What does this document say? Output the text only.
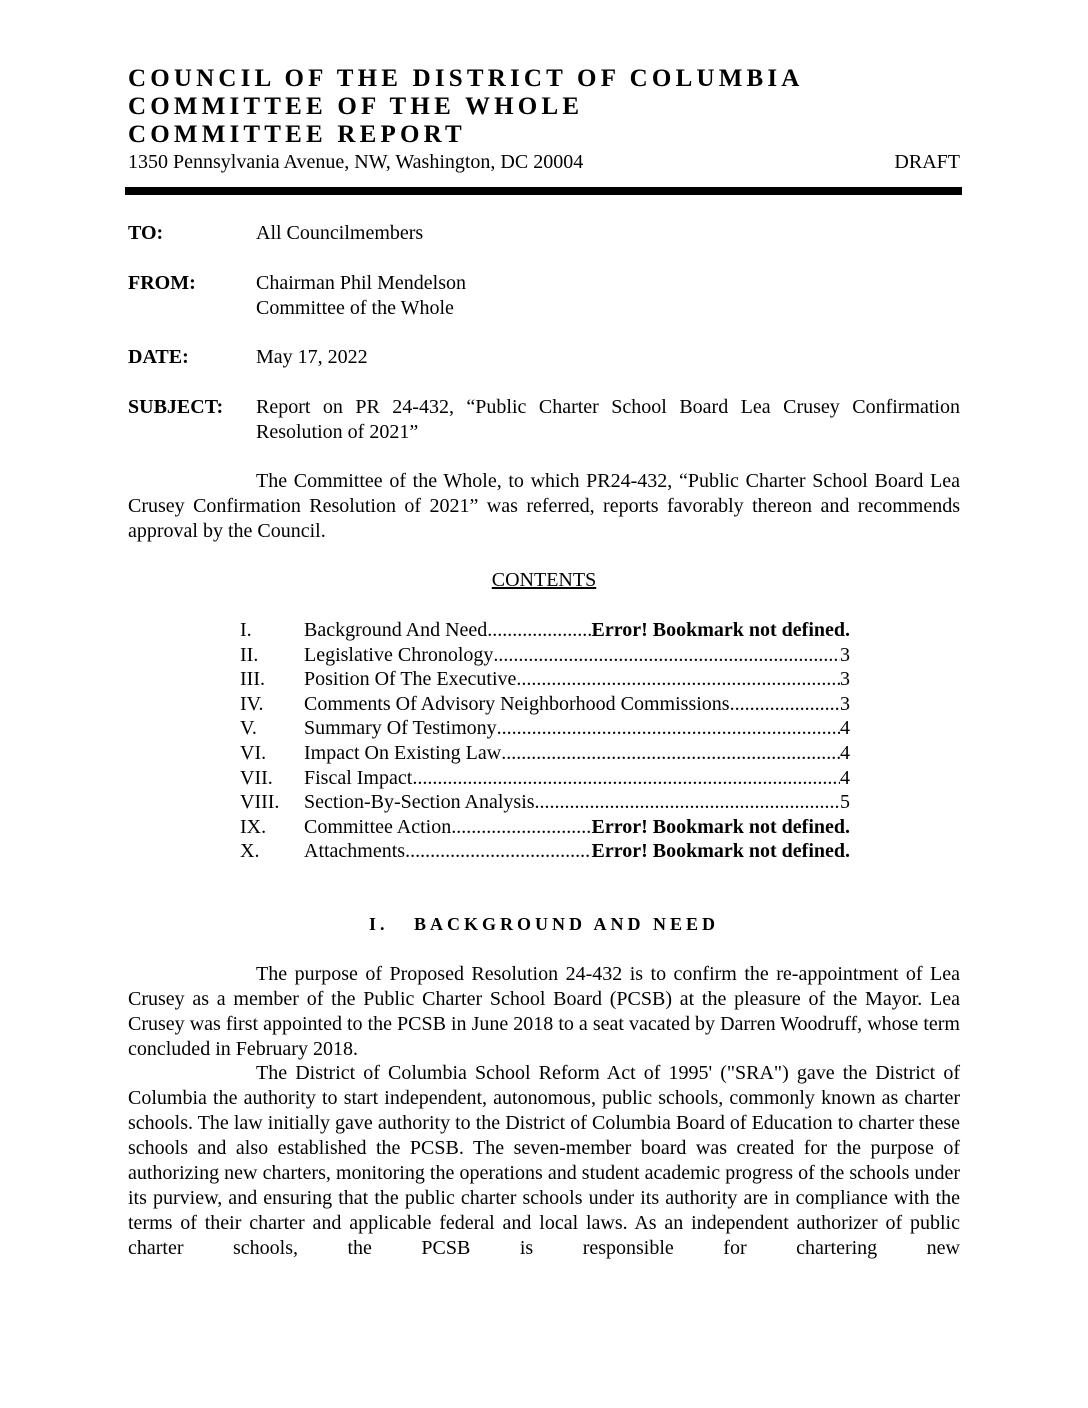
COUNCIL OF THE DISTRICT OF COLUMBIA
COMMITTEE OF THE WHOLE
COMMITTEE REPORT
1350 Pennsylvania Avenue, NW, Washington, DC 20004	DRAFT
TO:	All Councilmembers
FROM:	Chairman Phil Mendelson
Committee of the Whole
DATE:	May 17, 2022
SUBJECT: Report on PR 24-432, “Public Charter School Board Lea Crusey Confirmation Resolution of 2021”
The Committee of the Whole, to which PR24-432, “Public Charter School Board Lea Crusey Confirmation Resolution of 2021” was referred, reports favorably thereon and recommends approval by the Council.
CONTENTS
I.	Background And Need .....	Error! Bookmark not defined.
II. Legislative Chronology .....	3
III. Position Of The Executive .....	3
IV. Comments Of Advisory Neighborhood Commissions .....	3
V. Summary Of Testimony .....	4
VI. Impact On Existing Law .....	4
VII. Fiscal Impact .....	4
VIII. Section-By-Section Analysis .....	5
IX. Committee Action .....	Error! Bookmark not defined.
X. Attachments .....	Error! Bookmark not defined.
I.   BACKGROUND AND NEED
The purpose of Proposed Resolution 24-432 is to confirm the re-appointment of Lea Crusey as a member of the Public Charter School Board (PCSB) at the pleasure of the Mayor. Lea Crusey was first appointed to the PCSB in June 2018 to a seat vacated by Darren Woodruff, whose term concluded in February 2018.
The District of Columbia School Reform Act of 1995' ("SRA") gave the District of Columbia the authority to start independent, autonomous, public schools, commonly known as charter schools. The law initially gave authority to the District of Columbia Board of Education to charter these schools and also established the PCSB. The seven-member board was created for the purpose of authorizing new charters, monitoring the operations and student academic progress of the schools under its purview, and ensuring that the public charter schools under its authority are in compliance with the terms of their charter and applicable federal and local laws. As an independent authorizer of public charter schools, the PCSB is responsible for chartering new
